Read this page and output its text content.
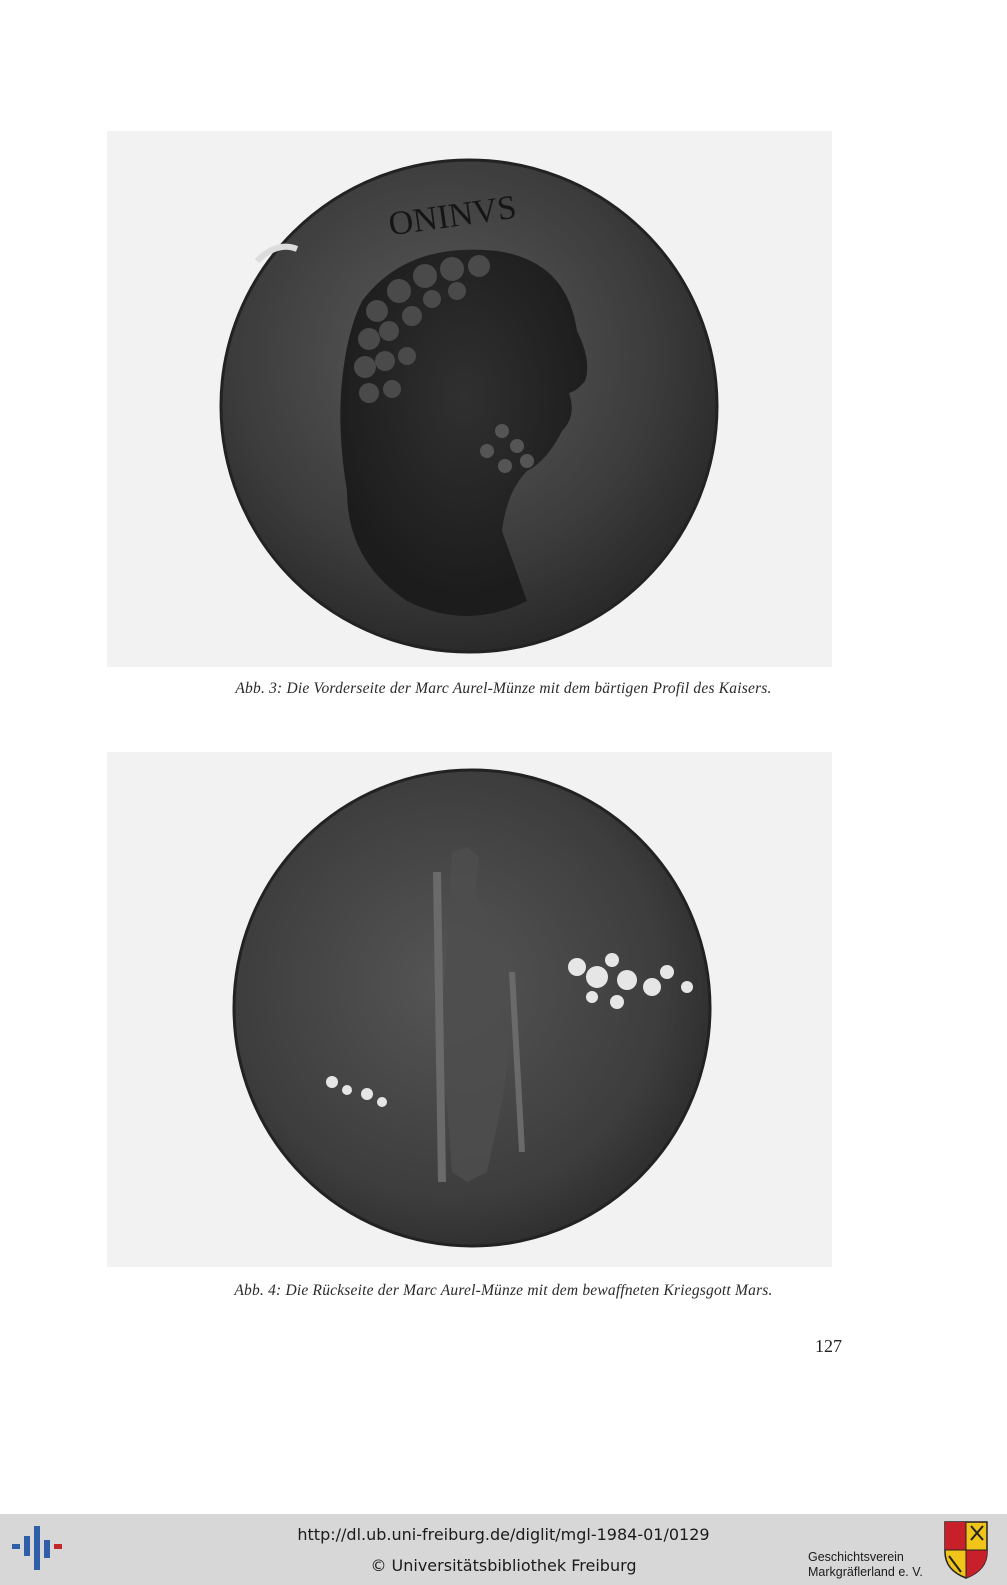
ONINVS
Abb. 3: Die Vorderseite der Marc Aurel-Münze mit dem bärtigen Profil des Kaisers.
Abb. 4: Die Rückseite der Marc Aurel-Münze mit dem bewaffneten Kriegsgott Mars.
127
http://dl.ub.uni-freiburg.de/diglit/mgl-1984-01/0129
© Universitätsbibliothek Freiburg	Geschichtsverein
Markgräflerland e. V.
